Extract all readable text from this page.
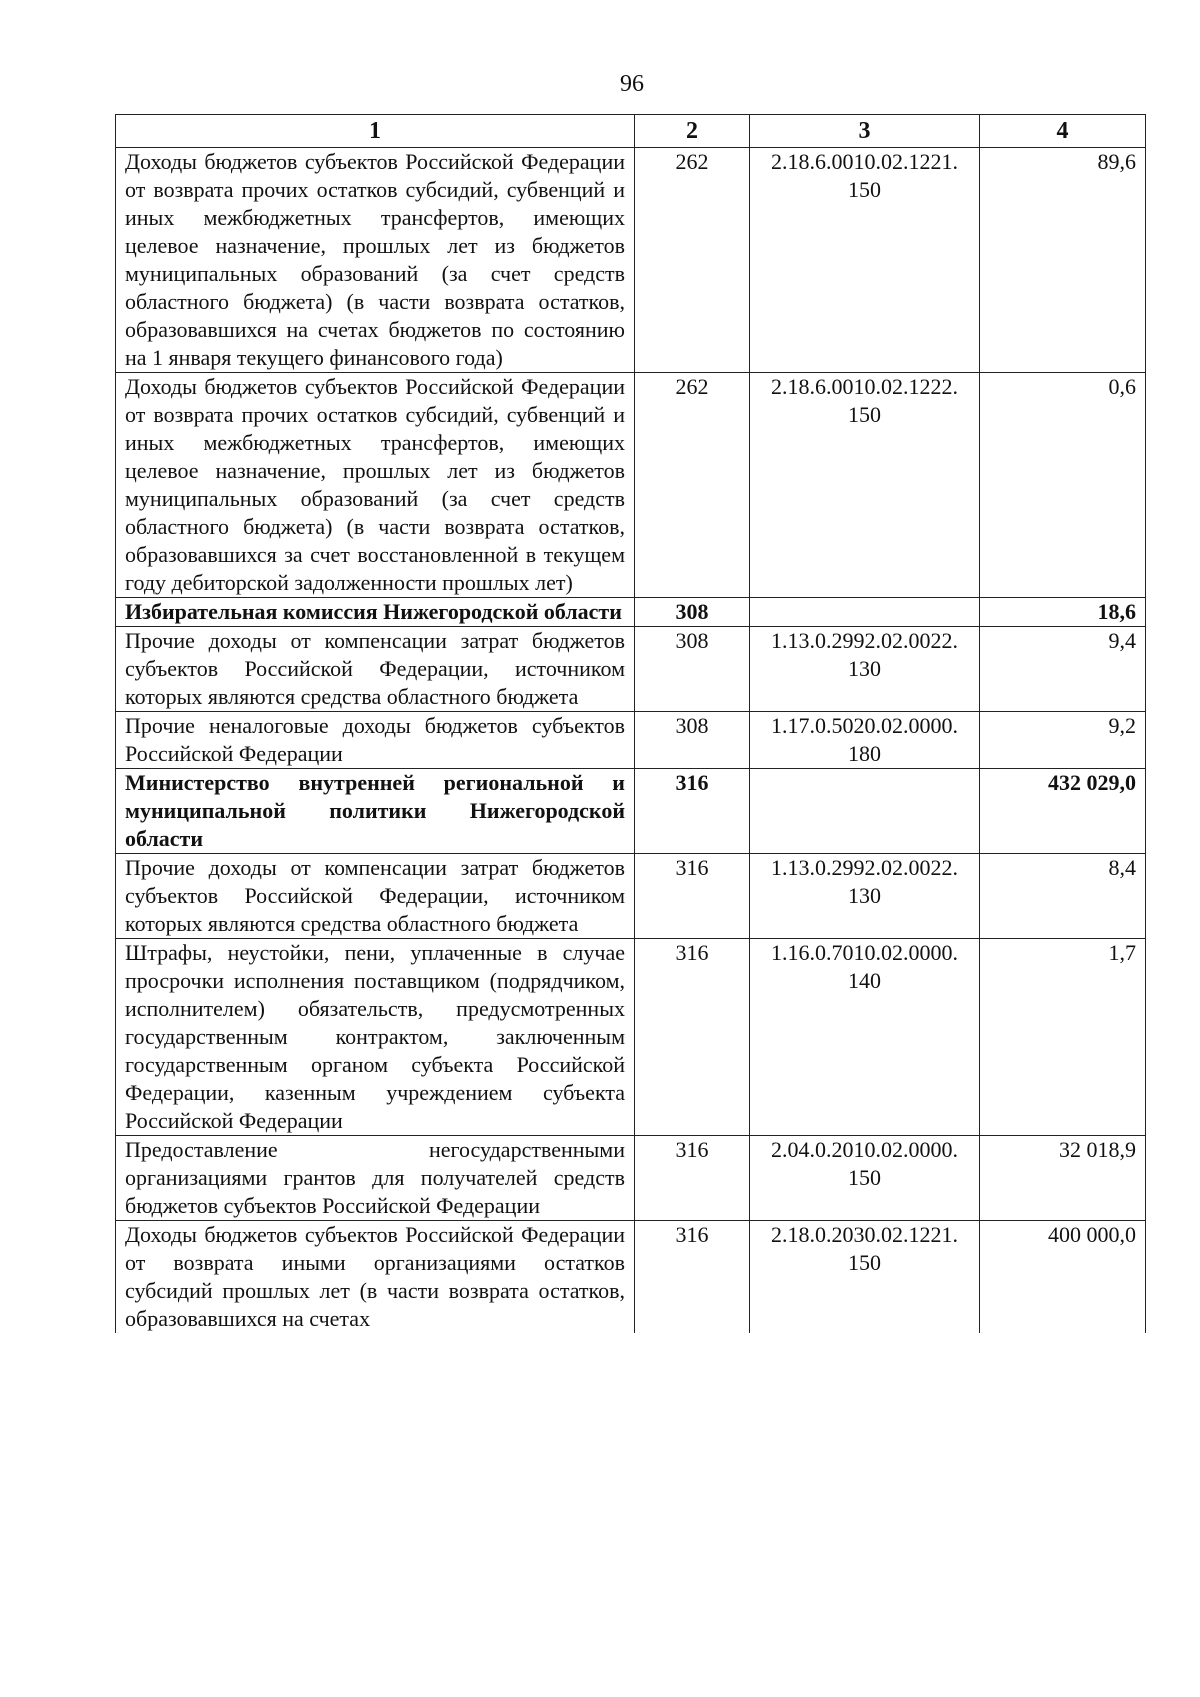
96
1	2	3	4
Доходы бюджетов субъектов Российской Федерации от возврата прочих остатков субсидий, субвенций и иных межбюджетных трансфертов, имеющих целевое назначение, прошлых лет из бюджетов муниципальных образований (за счет средств областного бюджета) (в части возврата остатков, образовавшихся на счетах бюджетов по состоянию на 1 января текущего финансового года)	262	2.18.6.0010.02.1221. 150	89,6
Доходы бюджетов субъектов Российской Федерации от возврата прочих остатков субсидий, субвенций и иных межбюджетных трансфертов, имеющих целевое назначение, прошлых лет из бюджетов муниципальных образований (за счет средств областного бюджета) (в части возврата остатков, образовавшихся за счет восстановленной в текущем году дебиторской задолженности прошлых лет)	262	2.18.6.0010.02.1222. 150	0,6
Избирательная комиссия Нижегородской области	308		18,6
Прочие доходы от компенсации затрат бюджетов субъектов Российской Федерации, источником которых являются средства областного бюджета	308	1.13.0.2992.02.0022. 130	9,4
Прочие неналоговые доходы бюджетов субъектов Российской Федерации	308	1.17.0.5020.02.0000. 180	9,2
Министерство внутренней региональной и муниципальной политики Нижегородской области	316		432 029,0
Прочие доходы от компенсации затрат бюджетов субъектов Российской Федерации, источником которых являются средства областного бюджета	316	1.13.0.2992.02.0022. 130	8,4
Штрафы, неустойки, пени, уплаченные в случае просрочки исполнения поставщиком (подрядчиком, исполнителем) обязательств, предусмотренных государственным контрактом, заключенным государственным органом субъекта Российской Федерации, казенным учреждением субъекта Российской Федерации	316	1.16.0.7010.02.0000. 140	1,7
Предоставление негосударственными организациями грантов для получателей средств бюджетов субъектов Российской Федерации	316	2.04.0.2010.02.0000. 150	32 018,9
Доходы бюджетов субъектов Российской Федерации от возврата иными организациями остатков субсидий прошлых лет (в части возврата остатков, образовавшихся на счетах	316	2.18.0.2030.02.1221. 150	400 000,0
